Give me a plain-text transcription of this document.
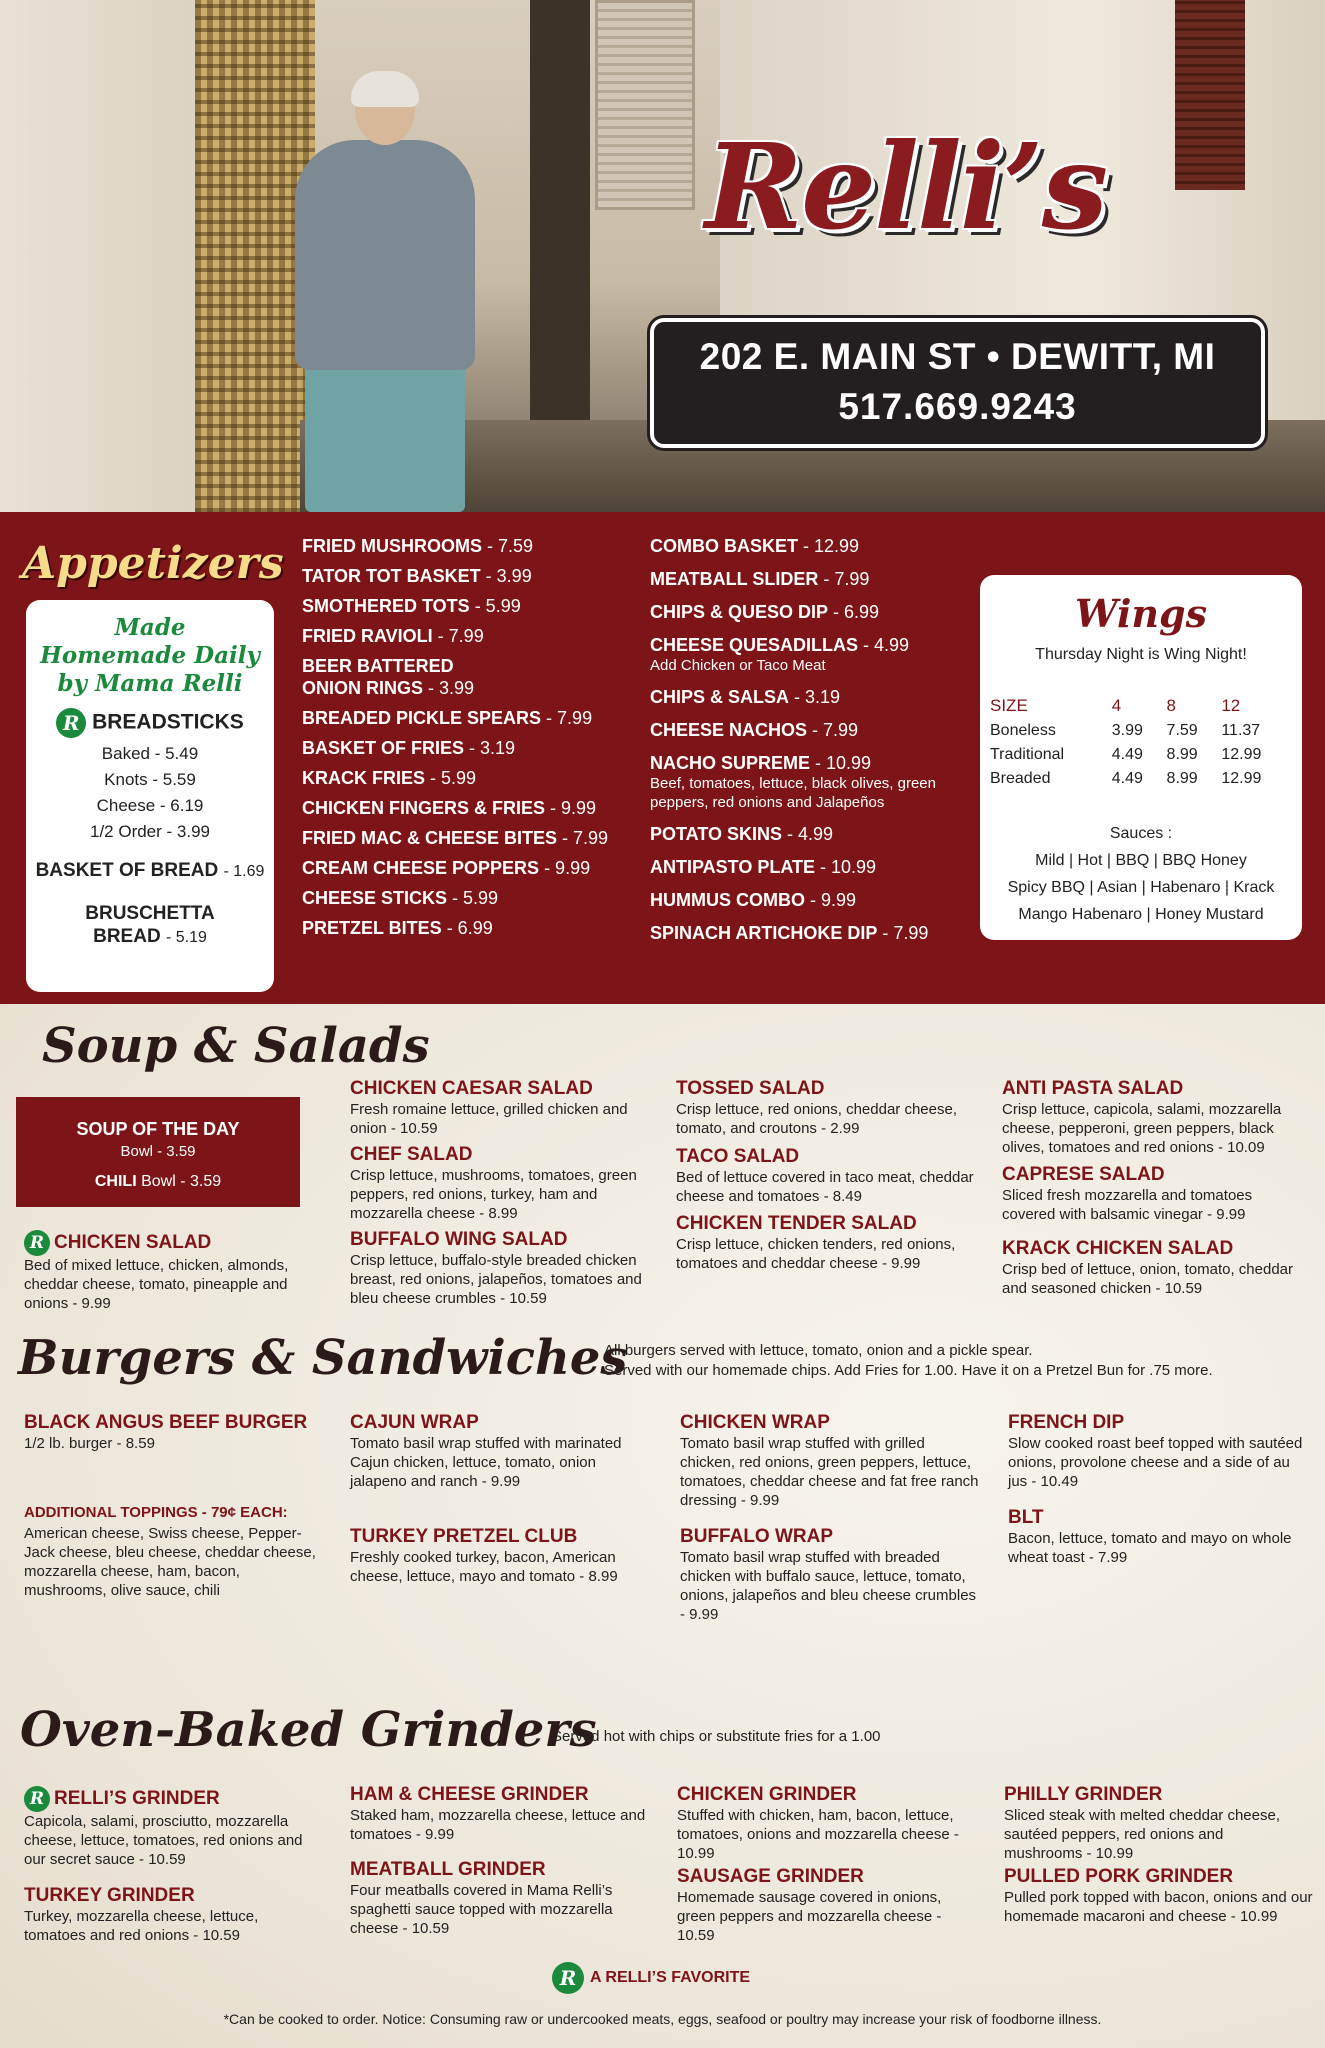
Relli’s
202 E. MAIN ST • DEWITT, MI
517.669.9243
Appetizers
Made
Homemade Daily
by Mama Relli
R BREADSTICKS
Baked - 5.49
Knots - 5.59
Cheese - 6.19
1/2 Order - 3.99
BASKET OF BREAD - 1.69
BRUSCHETTA
BREAD - 5.19
FRIED MUSHROOMS - 7.59
TATOR TOT BASKET - 3.99
SMOTHERED TOTS - 5.99
FRIED RAVIOLI - 7.99
BEER BATTERED
ONION RINGS - 3.99
BREADED PICKLE SPEARS - 7.99
BASKET OF FRIES - 3.19
KRACK FRIES - 5.99
CHICKEN FINGERS & FRIES - 9.99
FRIED MAC & CHEESE BITES - 7.99
CREAM CHEESE POPPERS - 9.99
CHEESE STICKS - 5.99
PRETZEL BITES - 6.99
COMBO BASKET - 12.99
MEATBALL SLIDER - 7.99
CHIPS & QUESO DIP - 6.99
CHEESE QUESADILLAS - 4.99
Add Chicken or Taco Meat
CHIPS & SALSA - 3.19
CHEESE NACHOS - 7.99
NACHO SUPREME - 10.99
Beef, tomatoes, lettuce, black olives, green peppers, red onions and Jalapeños
POTATO SKINS - 4.99
ANTIPASTO PLATE - 10.99
HUMMUS COMBO - 9.99
SPINACH ARTICHOKE DIP - 7.99
Wings
Thursday Night is Wing Night!
SIZE	4	8	12
Boneless	3.99	7.59	11.37
Traditional	4.49	8.99	12.99
Breaded	4.49	8.99	12.99
Sauces :
Mild | Hot | BBQ | BBQ Honey
Spicy BBQ | Asian | Habenaro | Krack
Mango Habenaro | Honey Mustard
Soup & Salads
SOUP OF THE DAY
Bowl - 3.59
CHILI Bowl - 3.59
R CHICKEN SALAD
Bed of mixed lettuce, chicken, almonds, cheddar cheese, tomato, pineapple and onions - 9.99
CHICKEN CAESAR SALAD
Fresh romaine lettuce, grilled chicken and onion - 10.59
CHEF SALAD
Crisp lettuce, mushrooms, tomatoes, green peppers, red onions, turkey, ham and mozzarella cheese - 8.99
BUFFALO WING SALAD
Crisp lettuce, buffalo-style breaded chicken breast, red onions, jalapeños, tomatoes and bleu cheese crumbles - 10.59
TOSSED SALAD
Crisp lettuce, red onions, cheddar cheese, tomato, and croutons - 2.99
TACO SALAD
Bed of lettuce covered in taco meat, cheddar cheese and tomatoes - 8.49
CHICKEN TENDER SALAD
Crisp lettuce, chicken tenders, red onions, tomatoes and cheddar cheese - 9.99
ANTI PASTA SALAD
Crisp lettuce, capicola, salami, mozzarella cheese, pepperoni, green peppers, black olives, tomatoes and red onions - 10.09
CAPRESE SALAD
Sliced fresh mozzarella and tomatoes covered with balsamic vinegar - 9.99
KRACK CHICKEN SALAD
Crisp bed of lettuce, onion, tomato, cheddar and seasoned chicken - 10.59
Burgers & Sandwiches
All burgers served with lettuce, tomato, onion and a pickle spear.
Served with our homemade chips. Add Fries for 1.00. Have it on a Pretzel Bun for .75 more.
BLACK ANGUS BEEF BURGER
1/2 lb. burger - 8.59
ADDITIONAL TOPPINGS - 79¢ EACH:
American cheese, Swiss cheese, Pepper-Jack cheese, bleu cheese, cheddar cheese, mozzarella cheese, ham, bacon, mushrooms, olive sauce, chili
CAJUN WRAP
Tomato basil wrap stuffed with marinated Cajun chicken, lettuce, tomato, onion jalapeno and ranch - 9.99
TURKEY PRETZEL CLUB
Freshly cooked turkey, bacon, American cheese, lettuce, mayo and tomato - 8.99
CHICKEN WRAP
Tomato basil wrap stuffed with grilled chicken, red onions, green peppers, lettuce, tomatoes, cheddar cheese and fat free ranch dressing - 9.99
BUFFALO WRAP
Tomato basil wrap stuffed with breaded chicken with buffalo sauce, lettuce, tomato, onions, jalapeños and bleu cheese crumbles - 9.99
FRENCH DIP
Slow cooked roast beef topped with sautéed onions, provolone cheese and a side of au jus - 10.49
BLT
Bacon, lettuce, tomato and mayo on whole wheat toast - 7.99
Oven-Baked Grinders
Served hot with chips or substitute fries for a 1.00
R RELLI’S GRINDER
Capicola, salami, prosciutto, mozzarella cheese, lettuce, tomatoes, red onions and our secret sauce - 10.59
TURKEY GRINDER
Turkey, mozzarella cheese, lettuce, tomatoes and red onions - 10.59
HAM & CHEESE GRINDER
Staked ham, mozzarella cheese, lettuce and tomatoes - 9.99
MEATBALL GRINDER
Four meatballs covered in Mama Relli’s spaghetti sauce topped with mozzarella cheese - 10.59
CHICKEN GRINDER
Stuffed with chicken, ham, bacon, lettuce, tomatoes, onions and mozzarella cheese - 10.99
SAUSAGE GRINDER
Homemade sausage covered in onions, green peppers and mozzarella cheese - 10.59
PHILLY GRINDER
Sliced steak with melted cheddar cheese, sautéed peppers, red onions and mushrooms - 10.99
PULLED PORK GRINDER
Pulled pork topped with bacon, onions and our homemade macaroni and cheese - 10.99
R A RELLI’S FAVORITE
*Can be cooked to order. Notice: Consuming raw or undercooked meats, eggs, seafood or poultry may increase your risk of foodborne illness.
